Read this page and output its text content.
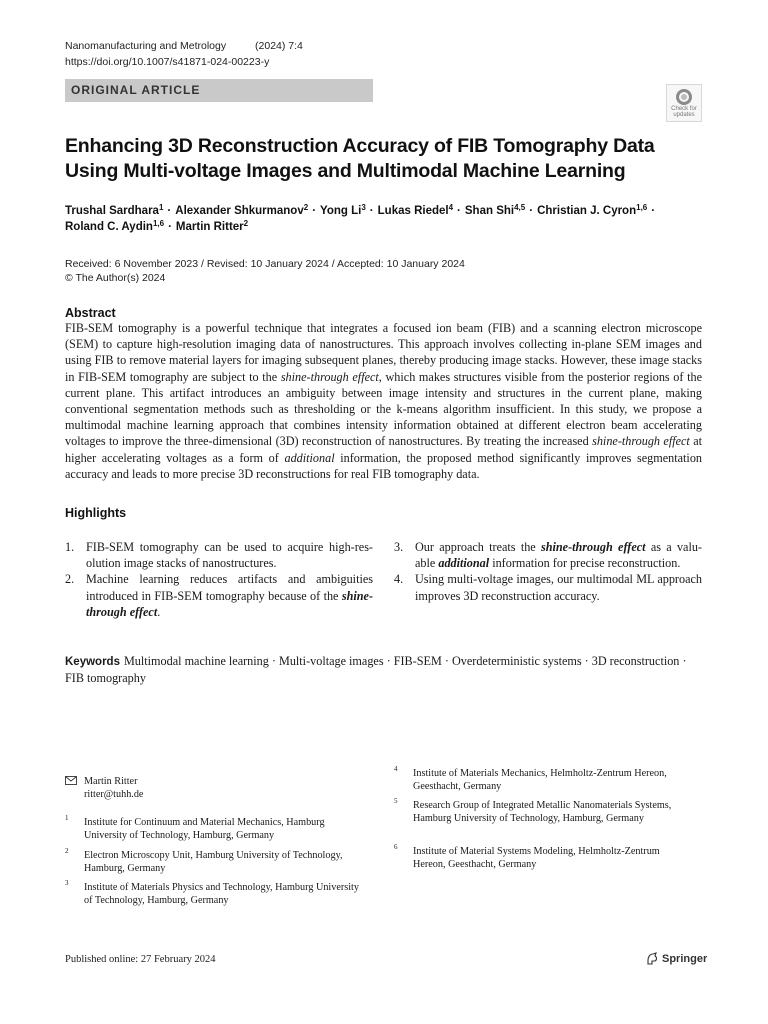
Nanomanufacturing and Metrology	(2024) 7:4
https://doi.org/10.1007/s41871-024-00223-y
ORIGINAL ARTICLE
Check for updates
Enhancing 3D Reconstruction Accuracy of FIB Tomography Data Using Multi-voltage Images and Multimodal Machine Learning
Trushal Sardhara$^1$ · Alexander Shkurmanov$^2$ · Yong $Li^3$ · Lukas Riedel$^4$ · Shan Shi$^{4,5}$ · Christian J. Cyron$^{1,6}$ ·
Roland C. Aydin$^{1,6}$ · Martin Ritter$^2$
Received: 6 November 2023 / Revised: 10 January 2024 / Accepted: 10 January 2024
© The Author(s) 2024
Abstract
FIB-SEM tomography is a powerful technique that integrates a focused ion beam (FIB) and a scanning electron microscope (SEM) to capture high-resolution imaging data of nanostructures. This approach involves collecting in-plane SEM images and using FIB to remove material layers for imaging subsequent planes, thereby producing image stacks. However, these image stacks in FIB-SEM tomography are subject to the shine-through effect, which makes structures visible from the posterior regions of the current plane. This artifact introduces an ambiguity between image intensity and structures in the current plane, making conventional segmentation methods such as thresholding or the k-means algorithm insufficient. In this study, we propose a multimodal machine learning approach that combines intensity information obtained at different electron beam accelerating voltages to improve the three-dimensional (3D) reconstruction of nanostructures. By treating the increased shine-through effect at higher accelerating voltages as a form of additional information, the proposed method significantly improves segmentation accuracy and leads to more precise 3D reconstructions for real FIB tomography data.
Highlights
1. FIB-SEM tomography can be used to acquire high-res-olution image stacks of nanostructures.
2. Machine learning reduces artifacts and ambiguities introduced in FIB-SEM tomography because of the shine-through effect.
3. Our approach treats the shine-through effect as a valu-able additional information for precise reconstruction.
4. Using multi-voltage images, our multimodal ML approach improves 3D reconstruction accuracy.
Keywords Multimodal machine learning · Multi-voltage images · FIB-SEM · Overdeterministic systems · 3D reconstruction · FIB tomography
Martin Ritter
ritter@tuhh.de
1	Institute for Continuum and Material Mechanics, Hamburg University of Technology, Hamburg, Germany
2	Electron Microscopy Unit, Hamburg University of Technology, Hamburg, Germany
3	Institute of Materials Physics and Technology, Hamburg University of Technology, Hamburg, Germany
4	Institute of Materials Mechanics, Helmholtz-Zentrum Hereon, Geesthacht, Germany
5	Research Group of Integrated Metallic Nanomaterials Systems, Hamburg University of Technology, Hamburg, Germany
6	Institute of Material Systems Modeling, Helmholtz-Zentrum Hereon, Geesthacht, Germany
Published online: 27 February 2024	Springer
